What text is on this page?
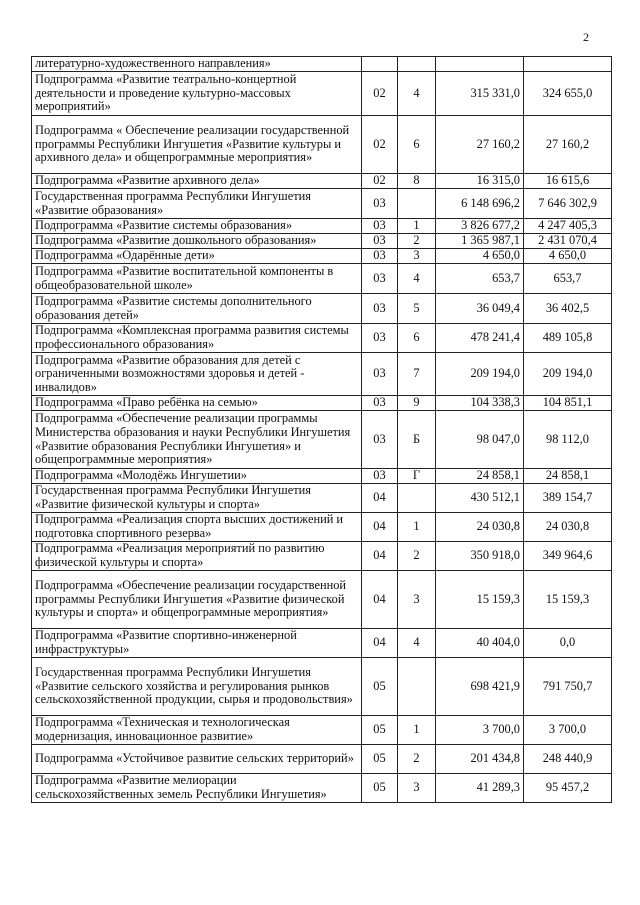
2
литературно-художественного направления»				
Подпрограмма «Развитие театрально-концертной деятельности и проведение культурно-массовых мероприятий»	02	4	315 331,0	324 655,0
Подпрограмма « Обеспечение реализации государственной программы Республики Ингушетия «Развитие культуры и архивного дела» и общепрограммные мероприятия»	02	6	27 160,2	27 160,2
Подпрограмма «Развитие архивного дела»	02	8	16 315,0	16 615,6
Государственная программа Республики Ингушетия «Развитие образования»	03		6 148 696,2	7 646 302,9
Подпрограмма «Развитие системы образования»	03	1	3 826 677,2	4 247 405,3
Подпрограмма «Развитие дошкольного образования»	03	2	1 365 987,1	2 431 070,4
Подпрограмма «Одарённые дети»	03	3	4 650,0	4 650,0
Подпрограмма «Развитие воспитательной компоненты в общеобразовательной школе»	03	4	653,7	653,7
Подпрограмма «Развитие системы дополнительного образования детей»	03	5	36 049,4	36 402,5
Подпрограмма «Комплексная программа развития системы профессионального образования»	03	6	478 241,4	489 105,8
Подпрограмма «Развитие образования для детей с ограниченными возможностями здоровья и детей - инвалидов»	03	7	209 194,0	209 194,0
Подпрограмма «Право ребёнка на семью»	03	9	104 338,3	104 851,1
Подпрограмма «Обеспечение реализации программы Министерства образования и науки Республики Ингушетия «Развитие образования Республики Ингушетия» и общепрограммные мероприятия»	03	Б	98 047,0	98 112,0
Подпрограмма «Молодёжь Ингушетии»	03	Г	24 858,1	24 858,1
Государственная программа Республики Ингушетия «Развитие физической культуры и спорта»	04		430 512,1	389 154,7
Подпрограмма «Реализация спорта высших достижений и подготовка спортивного резерва»	04	1	24 030,8	24 030,8
Подпрограмма «Реализация мероприятий по развитию физической культуры и спорта»	04	2	350 918,0	349 964,6
Подпрограмма «Обеспечение реализации государственной программы Республики Ингушетия «Развитие физической культуры и спорта» и общепрограммные мероприятия»	04	3	15 159,3	15 159,3
Подпрограмма «Развитие спортивно-инженерной инфраструктуры»	04	4	40 404,0	0,0
Государственная программа Республики Ингушетия «Развитие сельского хозяйства и регулирования рынков сельскохозяйственной продукции, сырья и продовольствия»	05		698 421,9	791 750,7
Подпрограмма «Техническая и технологическая модернизация, инновационное развитие»	05	1	3 700,0	3 700,0
Подпрограмма «Устойчивое развитие сельских территорий»	05	2	201 434,8	248 440,9
Подпрограмма «Развитие мелиорации сельскохозяйственных земель Республики Ингушетия»	05	3	41 289,3	95 457,2
